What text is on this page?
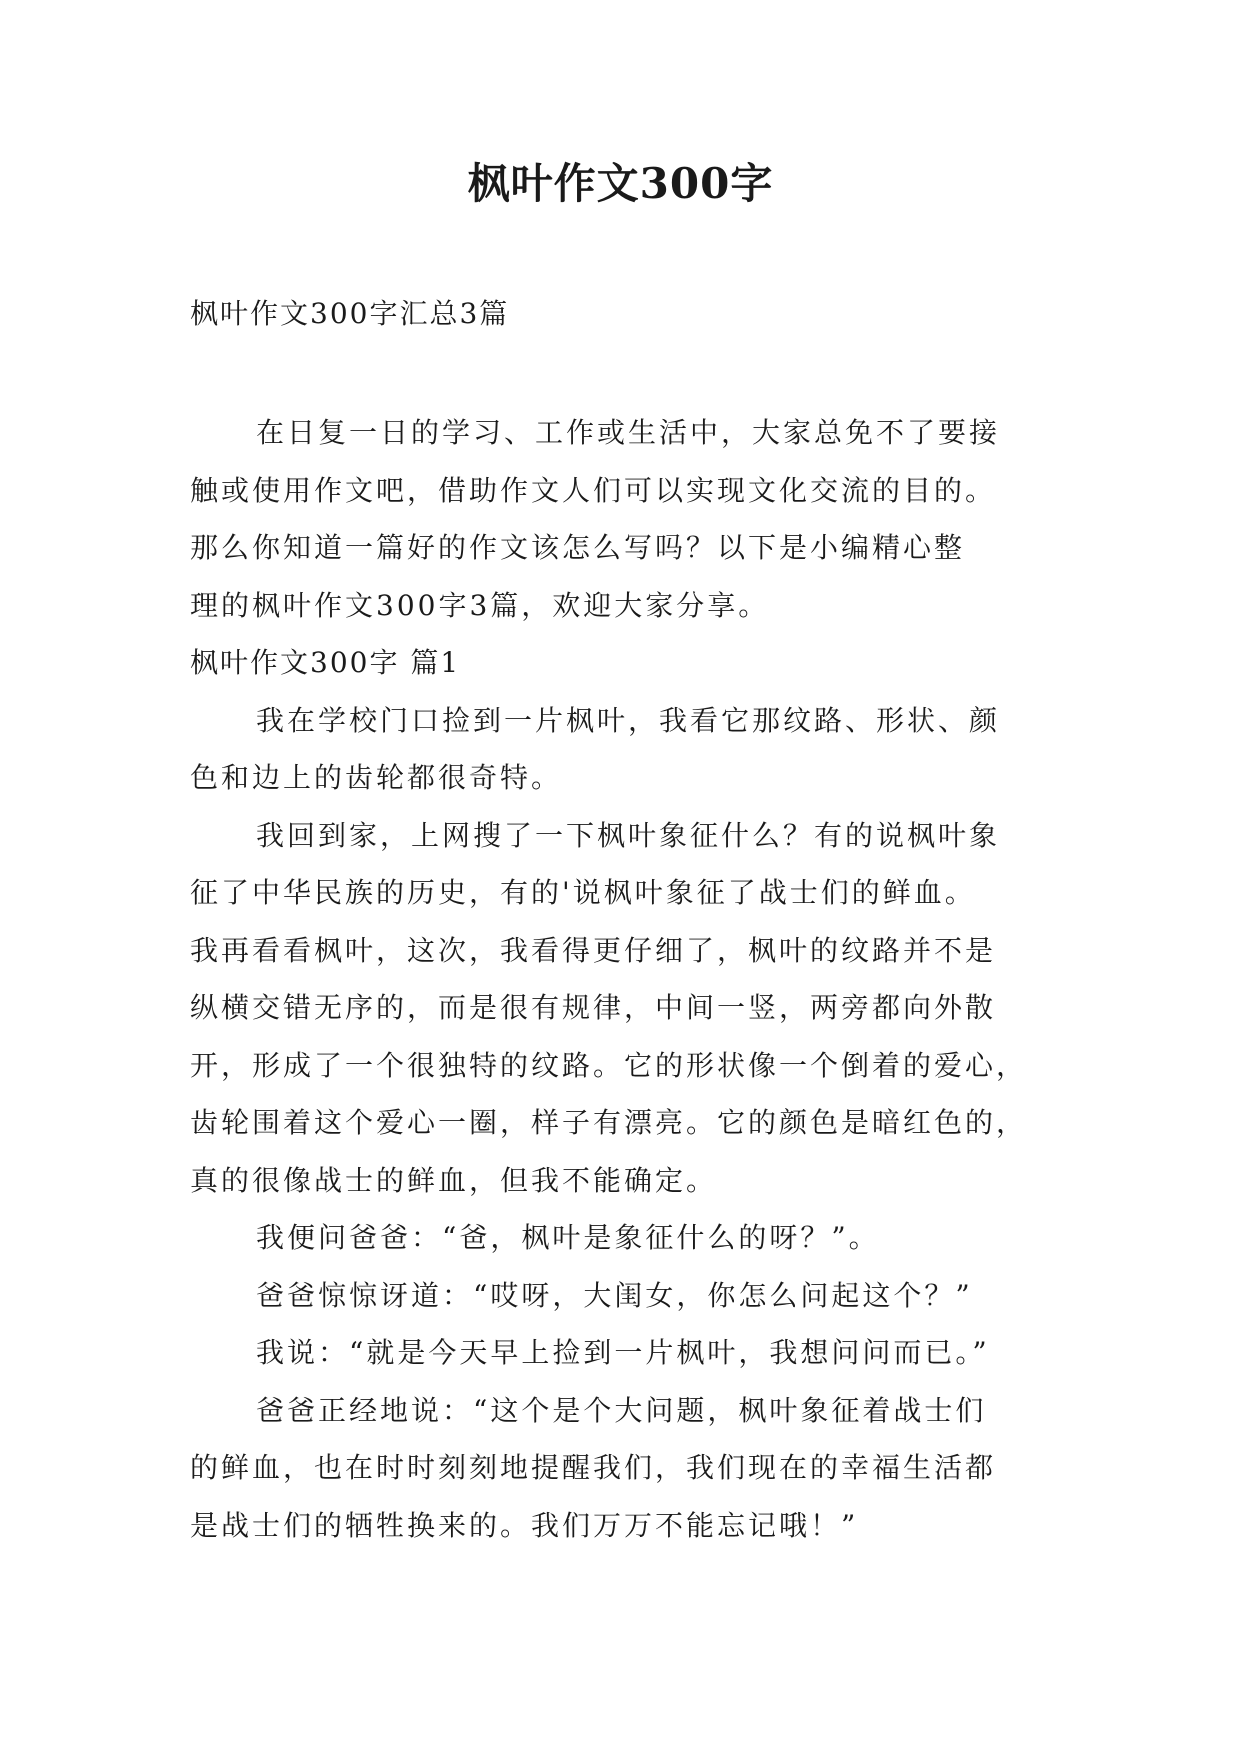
枫叶作文300字
枫叶作文300字汇总3篇
在日复一日的学习、工作或生活中，大家总免不了要接
触或使用作文吧，借助作文人们可以实现文化交流的目的。
那么你知道一篇好的作文该怎么写吗？以下是小编精心整
理的枫叶作文300字3篇，欢迎大家分享。
枫叶作文300字 篇1
我在学校门口捡到一片枫叶，我看它那纹路、形状、颜
色和边上的齿轮都很奇特。
我回到家，上网搜了一下枫叶象征什么？有的说枫叶象
征了中华民族的历史，有的'说枫叶象征了战士们的鲜血。
我再看看枫叶，这次，我看得更仔细了，枫叶的纹路并不是
纵横交错无序的，而是很有规律，中间一竖，两旁都向外散
开，形成了一个很独特的纹路。它的形状像一个倒着的爱心，
齿轮围着这个爱心一圈，样子有漂亮。它的颜色是暗红色的，
真的很像战士的鲜血，但我不能确定。
我便问爸爸：“爸，枫叶是象征什么的呀？”。
爸爸惊惊讶道：“哎呀，大闺女，你怎么问起这个？”
我说：“就是今天早上捡到一片枫叶，我想问问而已。”
爸爸正经地说：“这个是个大问题，枫叶象征着战士们
的鲜血，也在时时刻刻地提醒我们，我们现在的幸福生活都
是战士们的牺牲换来的。我们万万不能忘记哦！”
